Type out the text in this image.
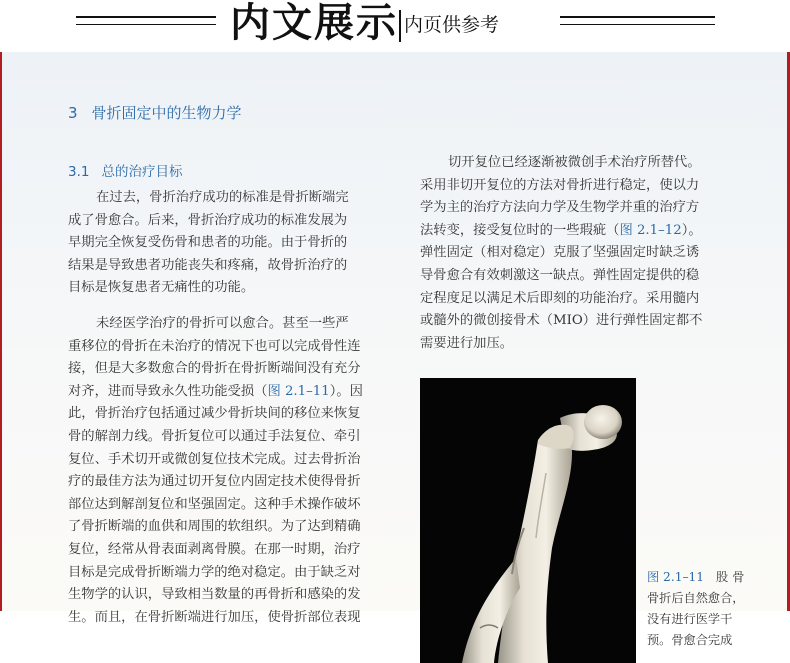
内文展示 内页供参考
3 骨折固定中的生物力学
3.1 总的治疗目标
在过去，骨折治疗成功的标准是骨折断端完
成了骨愈合。后来，骨折治疗成功的标准发展为
早期完全恢复受伤骨和患者的功能。由于骨折的
结果是导致患者功能丧失和疼痛，故骨折治疗的
目标是恢复患者无痛性的功能。
未经医学治疗的骨折可以愈合。甚至一些严
重移位的骨折在未治疗的情况下也可以完成骨性连
接，但是大多数愈合的骨折在骨折断端间没有充分
对齐，进而导致永久性功能受损（图 2.1–11）。因
此，骨折治疗包括通过减少骨折块间的移位来恢复
骨的解剖力线。骨折复位可以通过手法复位、牵引
复位、手术切开或微创复位技术完成。过去骨折治
疗的最佳方法为通过切开复位内固定技术使得骨折
部位达到解剖复位和坚强固定。这种手术操作破坏
了骨折断端的血供和周围的软组织。为了达到精确
复位，经常从骨表面剥离骨膜。在那一时期，治疗
目标是完成骨折断端力学的绝对稳定。由于缺乏对
生物学的认识，导致相当数量的再骨折和感染的发
生。而且，在骨折断端进行加压，使骨折部位表现
切开复位已经逐渐被微创手术治疗所替代。
采用非切开复位的方法对骨折进行稳定，使以力
学为主的治疗方法向力学及生物学并重的治疗方
法转变，接受复位时的一些瑕疵（图 2.1–12）。
弹性固定（相对稳定）克服了坚强固定时缺乏诱
导骨愈合有效刺激这一缺点。弹性固定提供的稳
定程度足以满足术后即刻的功能治疗。采用髓内
或髓外的微创接骨术（MIO）进行弹性固定都不
需要进行加压。
图 2.1–11 股骨
骨折后自然愈合，
没有进行医学干
预。骨愈合完成
